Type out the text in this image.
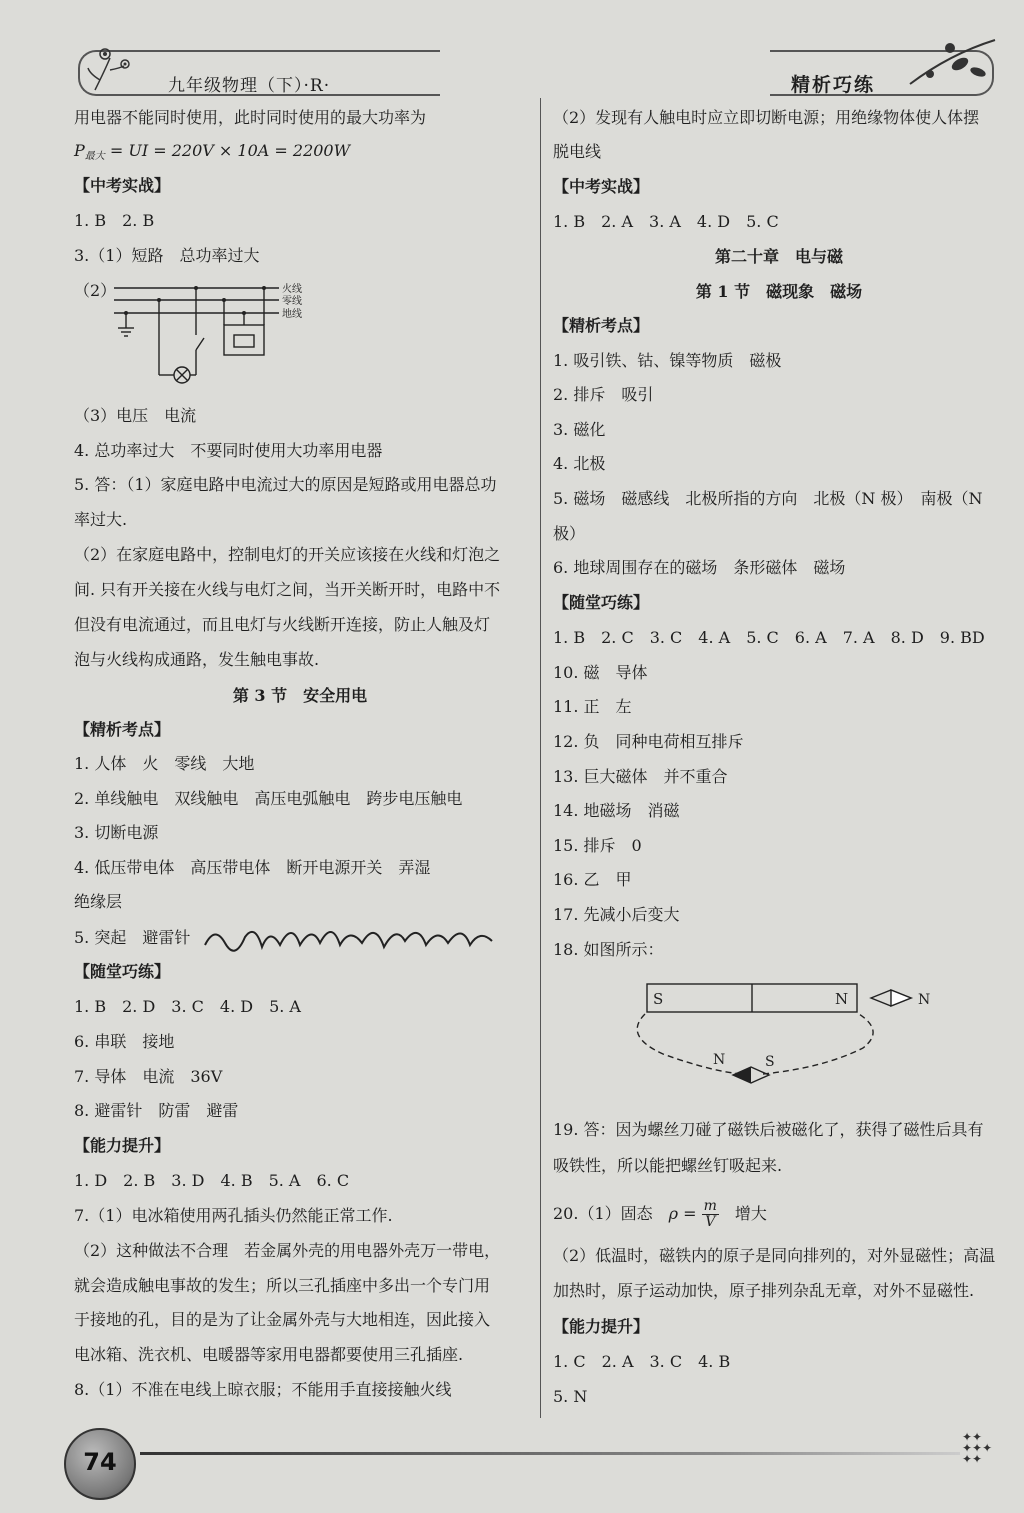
九年级物理（下）·R·	精析巧练
用电器不能同时使用，此时同时使用的最大功率为
$P_{最大}$ = UI = 220V × 10A = 2200W
【中考实战】
1. B　2. B
3.（1）短路　总功率过大
（2）	火线
零线
地线
（3）电压　电流
4. 总功率过大　不要同时使用大功率用电器
5. 答：（1）家庭电路中电流过大的原因是短路或用电器总功
率过大.
（2）在家庭电路中，控制电灯的开关应该接在火线和灯泡之
间. 只有开关接在火线与电灯之间，当开关断开时，电路中不
但没有电流通过，而且电灯与火线断开连接，防止人触及灯
泡与火线构成通路，发生触电事故.
第 3 节　安全用电
【精析考点】
1. 人体　火　零线　大地
2. 单线触电　双线触电　高压电弧触电　跨步电压触电
3. 切断电源
4. 低压带电体　高压带电体　断开电源开关　弄湿
绝缘层
5. 突起　避雷针
【随堂巧练】
1. B　2. D　3. C　4. D　5. A
6. 串联　接地
7. 导体　电流　36V
8. 避雷针　防雷　避雷
【能力提升】
1. D　2. B　3. D　4. B　5. A　6. C
7.（1）电冰箱使用两孔插头仍然能正常工作.
（2）这种做法不合理　若金属外壳的用电器外壳万一带电，
就会造成触电事故的发生；所以三孔插座中多出一个专门用
于接地的孔，目的是为了让金属外壳与大地相连，因此接入
电冰箱、洗衣机、电暖器等家用电器都要使用三孔插座.
8.（1）不准在电线上晾衣服；不能用手直接接触火线
（2）发现有人触电时应立即切断电源；用绝缘物体使人体摆
脱电线
【中考实战】
1. B　2. A　3. A　4. D　5. C
第二十章　电与磁
第 1 节　磁现象　磁场
【精析考点】
1. 吸引铁、钴、镍等物质　磁极
2. 排斥　吸引
3. 磁化
4. 北极
5. 磁场　磁感线　北极所指的方向　北极（N 极）　南极（N
极）
6. 地球周围存在的磁场　条形磁体　磁场
【随堂巧练】
1. B　2. C　3. C　4. A　5. C　6. A　7. A　8. D　9. BD
10. 磁　导体
11. 正　左
12. 负　同种电荷相互排斥
13. 巨大磁体　并不重合
14. 地磁场　消磁
15. 排斥　0
16. 乙　甲
17. 先减小后变大
18. 如图所示：
S	N	N
N	S
19. 答：因为螺丝刀碰了磁铁后被磁化了，获得了磁性后具有
吸铁性，所以能把螺丝钉吸起来.
20.（1）固态　$\rho = \frac{m}{V}$ 　增大
（2）低温时，磁铁内的原子是同向排列的，对外显磁性；高温
加热时，原子运动加快，原子排列杂乱无章，对外不显磁性.
【能力提升】
1. C　2. A　3. C　4. B
5. N
74
✦✦
✦✦✦
✦✦
